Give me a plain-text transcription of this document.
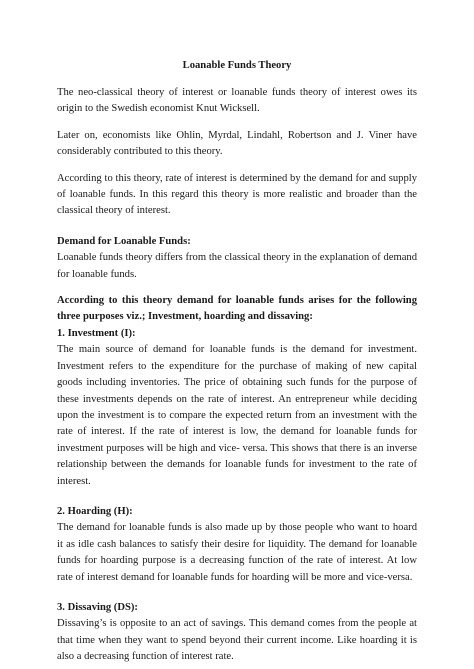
Loanable Funds Theory

The neo-classical theory of interest or loanable funds theory of interest owes its origin to the Swedish economist Knut Wicksell.

Later on, economists like Ohlin, Myrdal, Lindahl, Robertson and J. Viner have considerably contributed to this theory.

According to this theory, rate of interest is determined by the demand for and supply of loanable funds. In this regard this theory is more realistic and broader than the classical theory of interest.

Demand for Loanable Funds:

Loanable funds theory differs from the classical theory in the explanation of demand for loanable funds.

According to this theory demand for loanable funds arises for the following three purposes viz.; Investment, hoarding and dissaving:

1. Investment (I):

The main source of demand for loanable funds is the demand for investment. Investment refers to the expenditure for the purchase of making of new capital goods including inventories. The price of obtaining such funds for the purpose of these investments depends on the rate of interest. An entrepreneur while deciding upon the investment is to compare the expected return from an investment with the rate of interest. If the rate of interest is low, the demand for loanable funds for investment purposes will be high and vice- versa. This shows that there is an inverse relationship between the demands for loanable funds for investment to the rate of interest.

2. Hoarding (H):

The demand for loanable funds is also made up by those people who want to hoard it as idle cash balances to satisfy their desire for liquidity. The demand for loanable funds for hoarding purpose is a decreasing function of the rate of interest. At low rate of interest demand for loanable funds for hoarding will be more and vice-versa.

3. Dissaving (DS):

Dissaving’s is opposite to an act of savings. This demand comes from the people at that time when they want to spend beyond their current income. Like hoarding it is also a decreasing function of interest rate.
